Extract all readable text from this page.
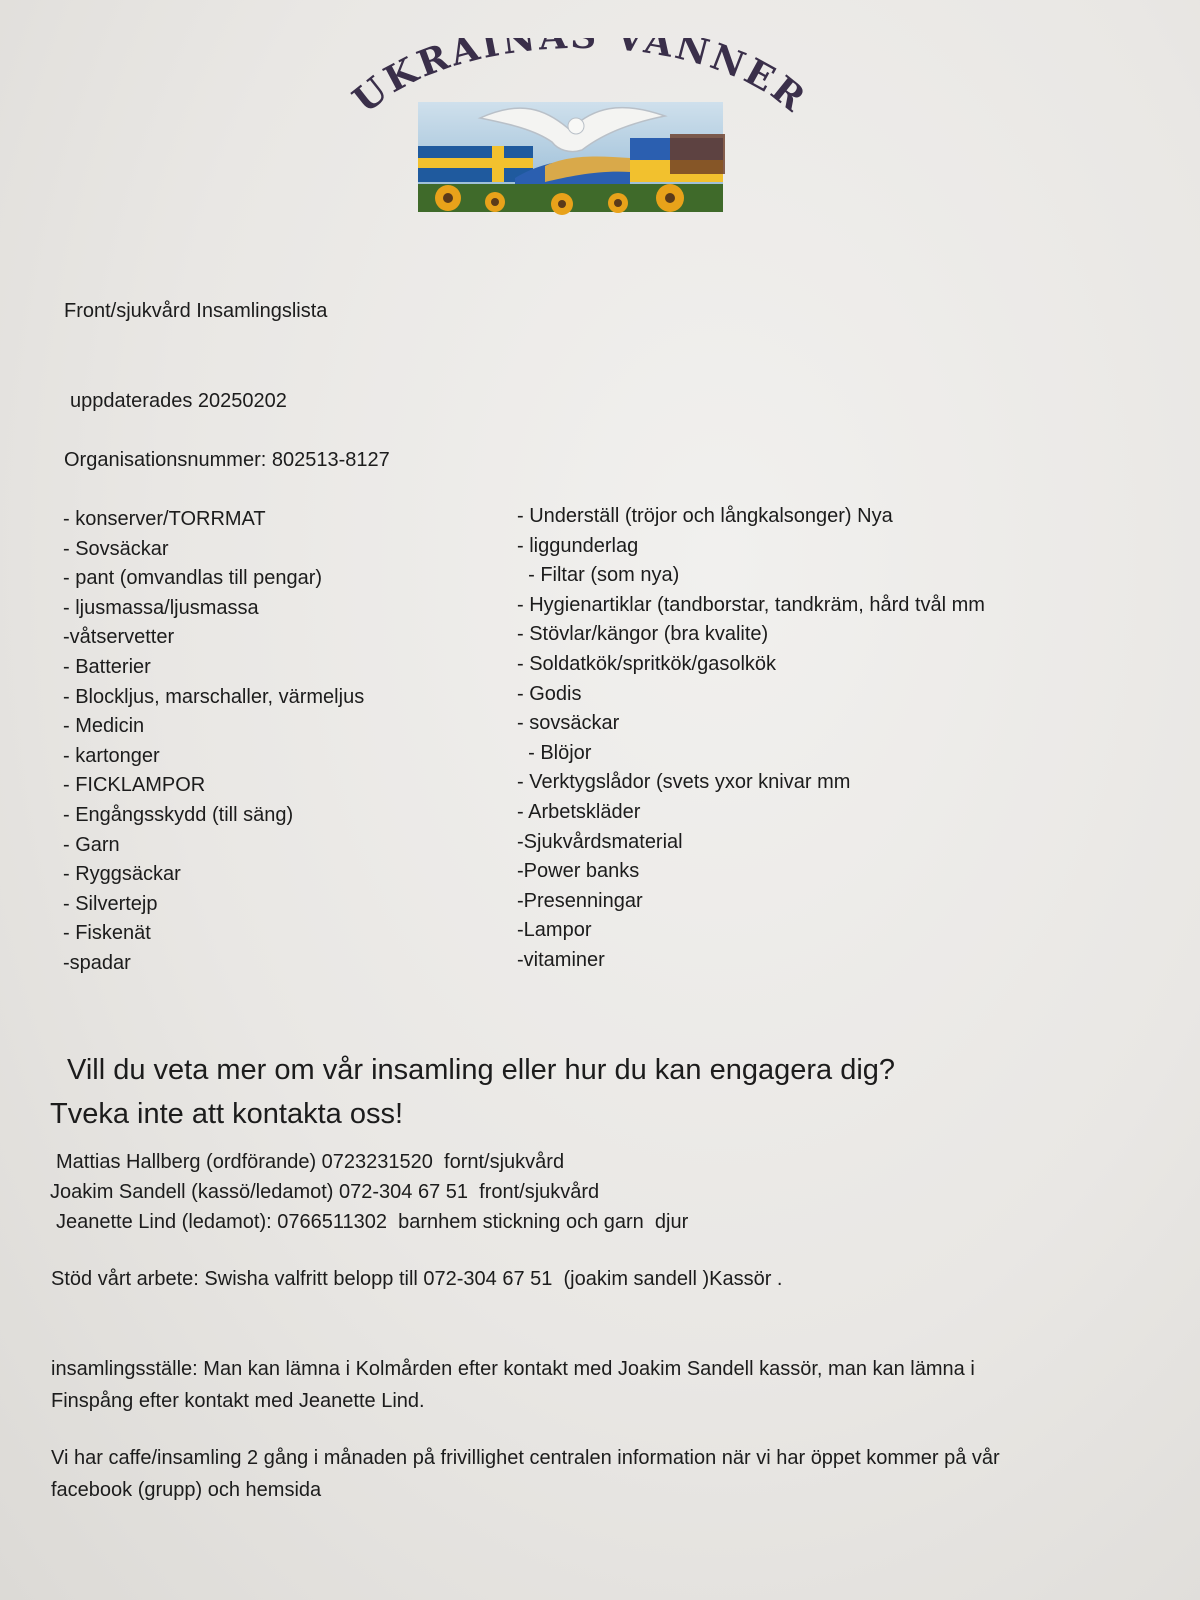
UKRAIN VÄNNER
Front/sjukvård Insamlingslista
uppdaterades 20250202
Organisationsnummer: 802513-8127
- konserver/TORRMAT
- Sovsäckar
- pant (omvandlas till pengar)
- ljusmassa/ljusmassa
-våtservetter
- Batterier
- Blockljus, marschaller, värmeljus
- Medicin
- kartonger
- FICKLAMPOR
- Engångsskydd (till säng)
- Garn
- Ryggsäckar
- Silvertejp
- Fiskenät
-spadar
- Underställ (tröjor och långkalsonger) Nya
- liggunderlag
- Filtar (som nya)
- Hygienartiklar (tandborstar, tandkräm, hård tvål mm
- Stövlar/kängor (bra kvalite)
- Soldatkök/spritkök/gasolkök
- Godis
- sovsäckar
- Blöjor
- Verktygslådor (svets yxor knivar mm
- Arbetskläder
-Sjukvårdsmaterial
-Power banks
-Presenningar
-Lampor
-vitaminer
Vill du veta mer om vår insamling eller hur du kan engagera dig?
Tveka inte att kontakta oss!
Mattias Hallberg (ordförande) 0723231520  fornt/sjukvård
Joakim Sandell (kassö/ledamot) 072-304 67 51  front/sjukvård
Jeanette Lind (ledamot): 0766511302  barnhem stickning och garn  djur
Stöd vårt arbete: Swisha valfritt belopp till 072-304 67 51  (joakim sandell )Kassör .
insamlingsställe: Man kan lämna i Kolmården efter kontakt med Joakim Sandell kassör, man kan lämna i Finspång efter kontakt med Jeanette Lind.
Vi har caffe/insamling 2 gång i månaden på frivillighet centralen information när vi har öppet kommer på vår facebook (grupp) och hemsida
